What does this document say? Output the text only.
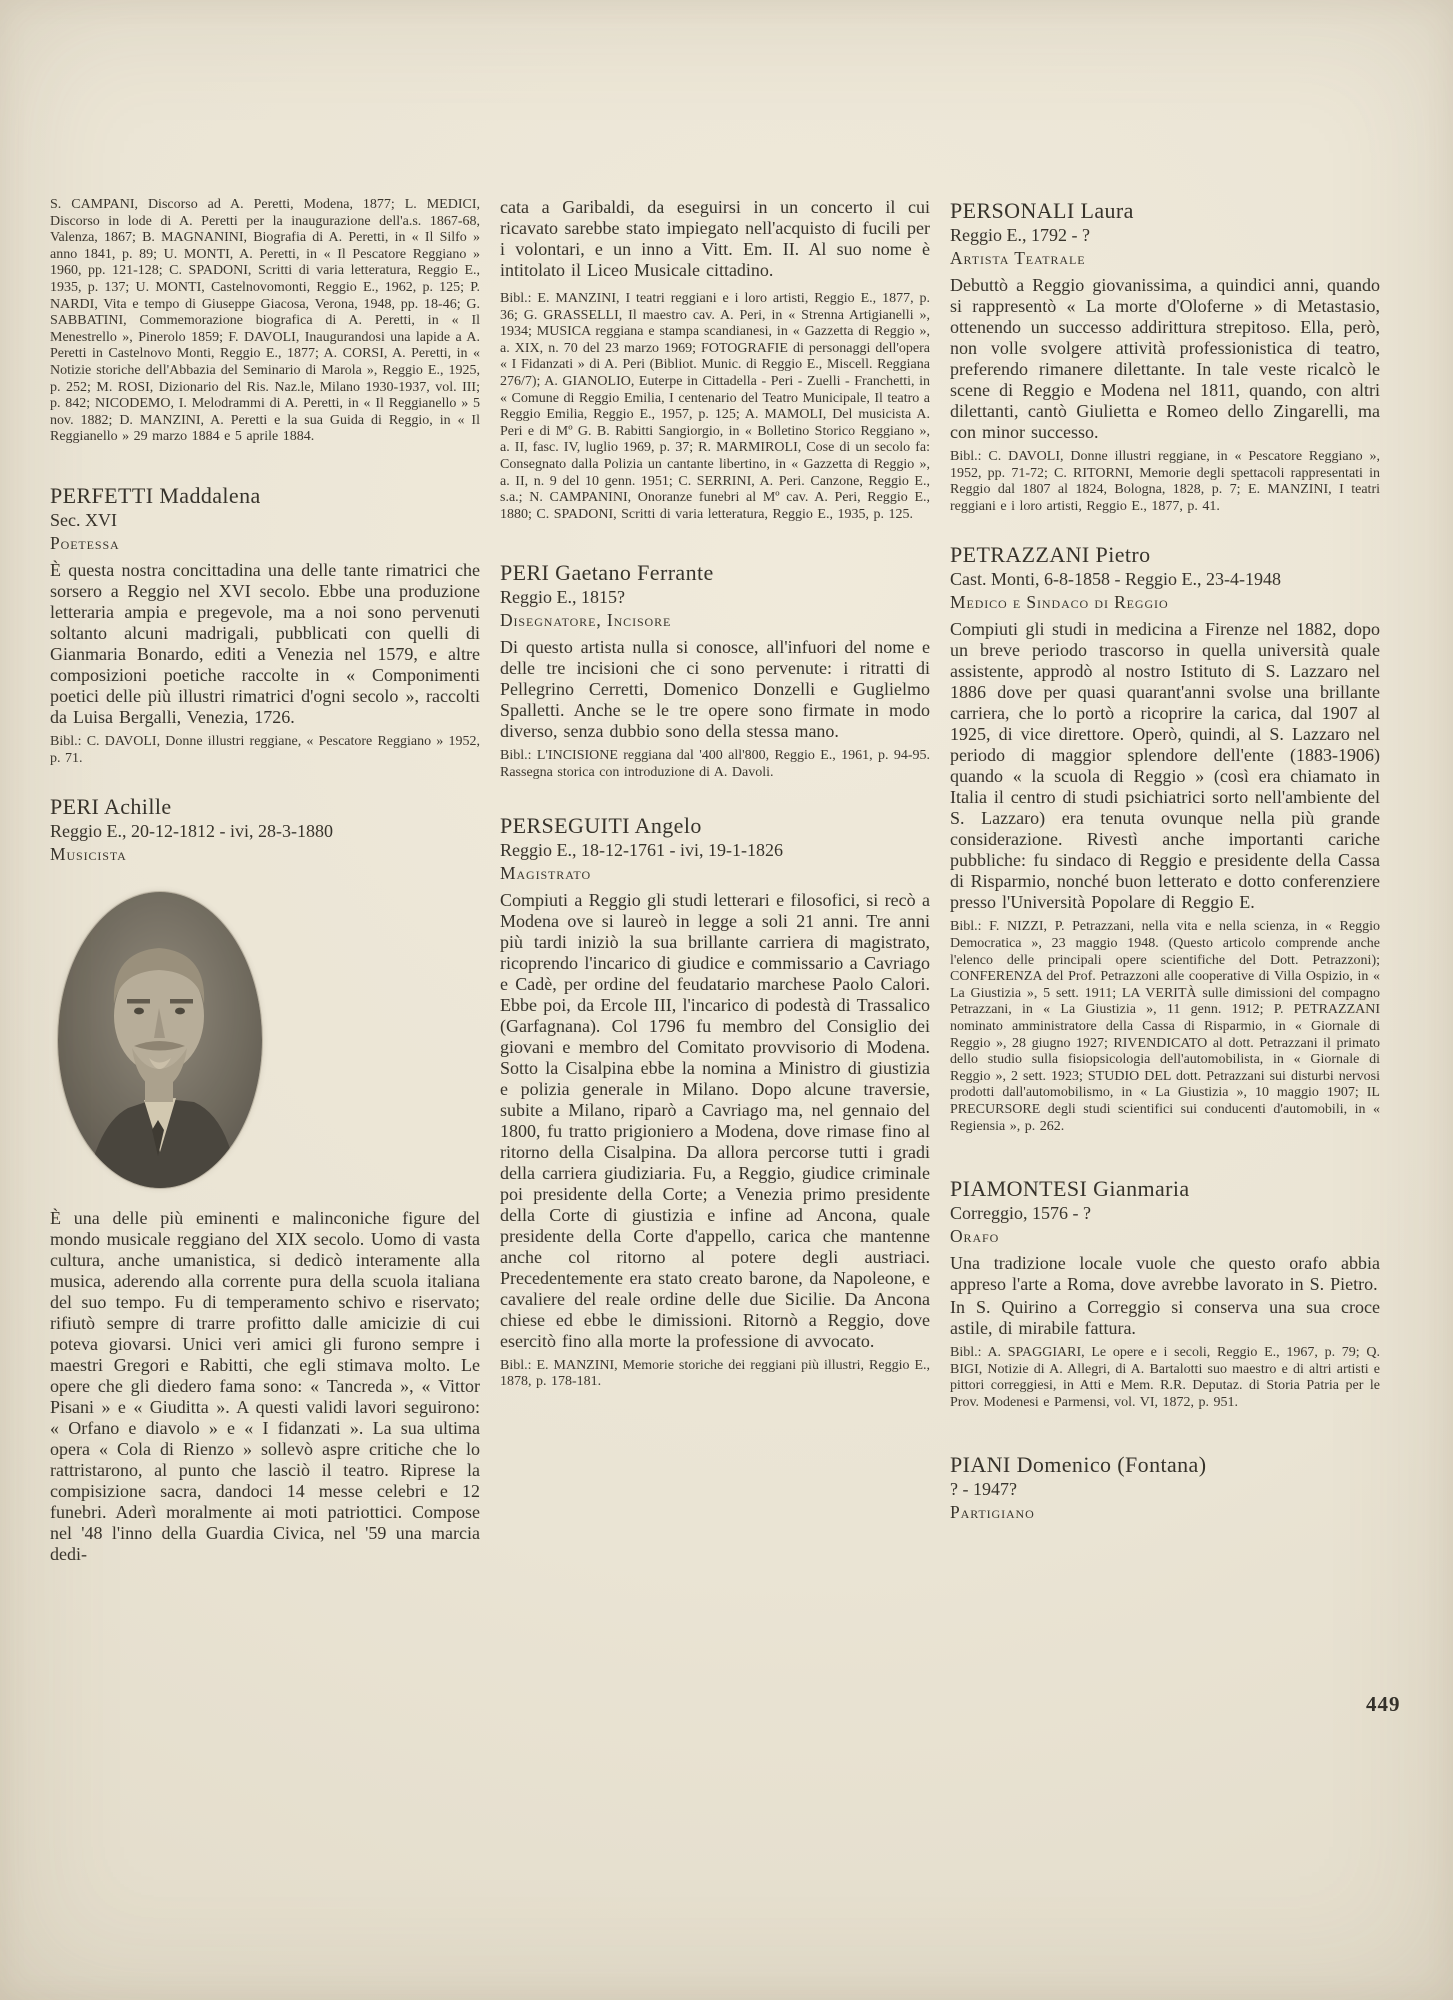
S. CAMPANI, Discorso ad A. Peretti, Modena, 1877; L. MEDICI, Discorso in lode di A. Peretti per la inaugurazione dell'a.s. 1867-68, Valenza, 1867; B. MAGNANINI, Biografia di A. Peretti, in « Il Silfo » anno 1841, p. 89; U. MONTI, A. Peretti, in « Il Pescatore Reggiano » 1960, pp. 121-128; C. SPADONI, Scritti di varia letteratura, Reggio E., 1935, p. 137; U. MONTI, Castelnovomonti, Reggio E., 1962, p. 125; P. NARDI, Vita e tempo di Giuseppe Giacosa, Verona, 1948, pp. 18-46; G. SABBATINI, Commemorazione biografica di A. Peretti, in « Il Menestrello », Pinerolo 1859; F. DAVOLI, Inaugurandosi una lapide a A. Peretti in Castelnovo Monti, Reggio E., 1877; A. CORSI, A. Peretti, in « Notizie storiche dell'Abbazia del Seminario di Marola », Reggio E., 1925, p. 252; M. ROSI, Dizionario del Ris. Naz.le, Milano 1930-1937, vol. III; p. 842; NICODEMO, I. Melodrammi di A. Peretti, in « Il Reggianello » 5 nov. 1882; D. MANZINI, A. Peretti e la sua Guida di Reggio, in « Il Reggianello » 29 marzo 1884 e 5 aprile 1884.
PERFETTI Maddalena
Sec. XVI
Poetessa

È questa nostra concittadina una delle tante rimatrici che sorsero a Reggio nel XVI secolo. Ebbe una produzione letteraria ampia e pregevole, ma a noi sono pervenuti soltanto alcuni madrigali, pubblicati con quelli di Gianmaria Bonardo, editi a Venezia nel 1579, e altre composizioni poetiche raccolte in « Componimenti poetici delle più illustri rimatrici d'ogni secolo », raccolti da Luisa Bergalli, Venezia, 1726.

Bibl.: C. DAVOLI, Donne illustri reggiane, « Pescatore Reggiano » 1952, p. 71.
PERI Achille
Reggio E., 20-12-1812 - ivi, 28-3-1880
Musicista

È una delle più eminenti e malinconiche figure del mondo musicale reggiano del XIX secolo. Uomo di vasta cultura, anche umanistica, si dedicò interamente alla musica, aderendo alla corrente pura della scuola italiana del suo tempo. Fu di temperamento schivo e riservato; rifiutò sempre di trarre profitto dalle amicizie di cui poteva giovarsi. Unici veri amici gli furono sempre i maestri Gregori e Rabitti, che egli stimava molto. Le opere che gli diedero fama sono: « Tancreda », « Vittor Pisani » e « Giuditta ». A questi validi lavori seguirono: « Orfano e diavolo » e « I fidanzati ». La sua ultima opera « Cola di Rienzo » sollevò aspre critiche che lo rattristarono, al punto che lasciò il teatro. Riprese la compisizione sacra, dandoci 14 messe celebri e 12 funebri. Aderì moralmente ai moti patriottici. Compose nel '48 l'inno della Guardia Civica, nel '59 una marcia dedi-

cata a Garibaldi, da eseguirsi in un concerto il cui ricavato sarebbe stato impiegato nell'acquisto di fucili per i volontari, e un inno a Vitt. Em. II. Al suo nome è intitolato il Liceo Musicale cittadino.

Bibl.: E. MANZINI, I teatri reggiani e i loro artisti, Reggio E., 1877, p. 36; G. GRASSELLI, Il maestro cav. A. Peri, in « Strenna Artigianelli », 1934; MUSICA reggiana e stampa scandianesi, in « Gazzetta di Reggio », a. XIX, n. 70 del 23 marzo 1969; FOTOGRAFIE di personaggi dell'opera « I Fidanzati » di A. Peri (Bibliot. Munic. di Reggio E., Miscell. Reggiana 276/7); A. GIANOLIO, Euterpe in Cittadella - Peri - Zuelli - Franchetti, in « Comune di Reggio Emilia, I centenario del Teatro Municipale, Il teatro a Reggio Emilia, Reggio E., 1957, p. 125; A. MAMOLI, Del musicista A. Peri e di Mº G. B. Rabitti Sangiorgio, in « Bolletino Storico Reggiano », a. II, fasc. IV, luglio 1969, p. 37; R. MARMIROLI, Cose di un secolo fa: Consegnato dalla Polizia un cantante libertino, in « Gazzetta di Reggio », a. II, n. 9 del 10 genn. 1951; C. SERRINI, A. Peri. Canzone, Reggio E., s.a.; N. CAMPANINI, Onoranze funebri al Mº cav. A. Peri, Reggio E., 1880; C. SPADONI, Scritti di varia letteratura, Reggio E., 1935, p. 125.
PERI Gaetano Ferrante
Reggio E., 1815?
Disegnatore, Incisore

Di questo artista nulla si conosce, all'infuori del nome e delle tre incisioni che ci sono pervenute: i ritratti di Pellegrino Cerretti, Domenico Donzelli e Guglielmo Spalletti. Anche se le tre opere sono firmate in modo diverso, senza dubbio sono della stessa mano.

Bibl.: L'INCISIONE reggiana dal '400 all'800, Reggio E., 1961, p. 94-95. Rassegna storica con introduzione di A. Davoli.
PERSEGUITI Angelo
Reggio E., 18-12-1761 - ivi, 19-1-1826
Magistrato

Compiuti a Reggio gli studi letterari e filosofici, si recò a Modena ove si laureò in legge a soli 21 anni. Tre anni più tardi iniziò la sua brillante carriera di magistrato, ricoprendo l'incarico di giudice e commissario a Cavriago e Cadè, per ordine del feudatario marchese Paolo Calori. Ebbe poi, da Ercole III, l'incarico di podestà di Trassalico (Garfagnana). Col 1796 fu membro del Consiglio dei giovani e membro del Comitato provvisorio di Modena. Sotto la Cisalpina ebbe la nomina a Ministro di giustizia e polizia generale in Milano. Dopo alcune traversie, subite a Milano, riparò a Cavriago ma, nel gennaio del 1800, fu tratto prigioniero a Modena, dove rimase fino al ritorno della Cisalpina. Da allora percorse tutti i gradi della carriera giudiziaria. Fu, a Reggio, giudice criminale poi presidente della Corte; a Venezia primo presidente della Corte di giustizia e infine ad Ancona, quale presidente della Corte d'appello, carica che mantenne anche col ritorno al potere degli austriaci. Precedentemente era stato creato barone, da Napoleone, e cavaliere del reale ordine delle due Sicilie. Da Ancona chiese ed ebbe le dimissioni. Ritornò a Reggio, dove esercitò fino alla morte la professione di avvocato.

Bibl.: E. MANZINI, Memorie storiche dei reggiani più illustri, Reggio E., 1878, p. 178-181.
PERSONALI Laura
Reggio E., 1792 - ?
Artista Teatrale

Debuttò a Reggio giovanissima, a quindici anni, quando si rappresentò « La morte d'Oloferne » di Metastasio, ottenendo un successo addirittura strepitoso. Ella, però, non volle svolgere attività professionistica di teatro, preferendo rimanere dilettante. In tale veste ricalcò le scene di Reggio e Modena nel 1811, quando, con altri dilettanti, cantò Giulietta e Romeo dello Zingarelli, ma con minor successo.

Bibl.: C. DAVOLI, Donne illustri reggiane, in « Pescatore Reggiano », 1952, pp. 71-72; C. RITORNI, Memorie degli spettacoli rappresentati in Reggio dal 1807 al 1824, Bologna, 1828, p. 7; E. MANZINI, I teatri reggiani e i loro artisti, Reggio E., 1877, p. 41.
PETRAZZANI Pietro
Cast. Monti, 6-8-1858 - Reggio E., 23-4-1948
Medico e Sindaco di Reggio

Compiuti gli studi in medicina a Firenze nel 1882, dopo un breve periodo trascorso in quella università quale assistente, approdò al nostro Istituto di S. Lazzaro nel 1886 dove per quasi quarant'anni svolse una brillante carriera, che lo portò a ricoprire la carica, dal 1907 al 1925, di vice direttore. Operò, quindi, al S. Lazzaro nel periodo di maggior splendore dell'ente (1883-1906) quando « la scuola di Reggio » (così era chiamato in Italia il centro di studi psichiatrici sorto nell'ambiente del S. Lazzaro) era tenuta ovunque nella più grande considerazione. Rivestì anche importanti cariche pubbliche: fu sindaco di Reggio e presidente della Cassa di Risparmio, nonché buon letterato e dotto conferenziere presso l'Università Popolare di Reggio E.

Bibl.: F. NIZZI, P. Petrazzani, nella vita e nella scienza, in « Reggio Democratica », 23 maggio 1948. (Questo articolo comprende anche l'elenco delle principali opere scientifiche del Dott. Petrazzoni); CONFERENZA del Prof. Petrazzoni alle cooperative di Villa Ospizio, in « La Giustizia », 5 sett. 1911; LA VERITÀ sulle dimissioni del compagno Petrazzani, in « La Giustizia », 11 genn. 1912; P. PETRAZZANI nominato amministratore della Cassa di Risparmio, in « Giornale di Reggio », 28 giugno 1927; RIVENDICATO al dott. Petrazzani il primato dello studio sulla fisiopsicologia dell'automobilista, in « Giornale di Reggio », 2 sett. 1923; STUDIO DEL dott. Petrazzani sui disturbi nervosi prodotti dall'automobilismo, in « La Giustizia », 10 maggio 1907; IL PRECURSORE degli studi scientifici sui conducenti d'automobili, in « Regiensia », p. 262.
PIAMONTESI Gianmaria
Correggio, 1576 - ?
Orafo

Una tradizione locale vuole che questo orafo abbia appreso l'arte a Roma, dove avrebbe lavorato in S. Pietro.

In S. Quirino a Correggio si conserva una sua croce astile, di mirabile fattura.

Bibl.: A. SPAGGIARI, Le opere e i secoli, Reggio E., 1967, p. 79; Q. BIGI, Notizie di A. Allegri, di A. Bartalotti suo maestro e di altri artisti e pittori correggiesi, in Atti e Mem. R.R. Deputaz. di Storia Patria per le Prov. Modenesi e Parmensi, vol. VI, 1872, p. 951.
PIANI Domenico (Fontana)
? - 1947?
Partigiano
449
